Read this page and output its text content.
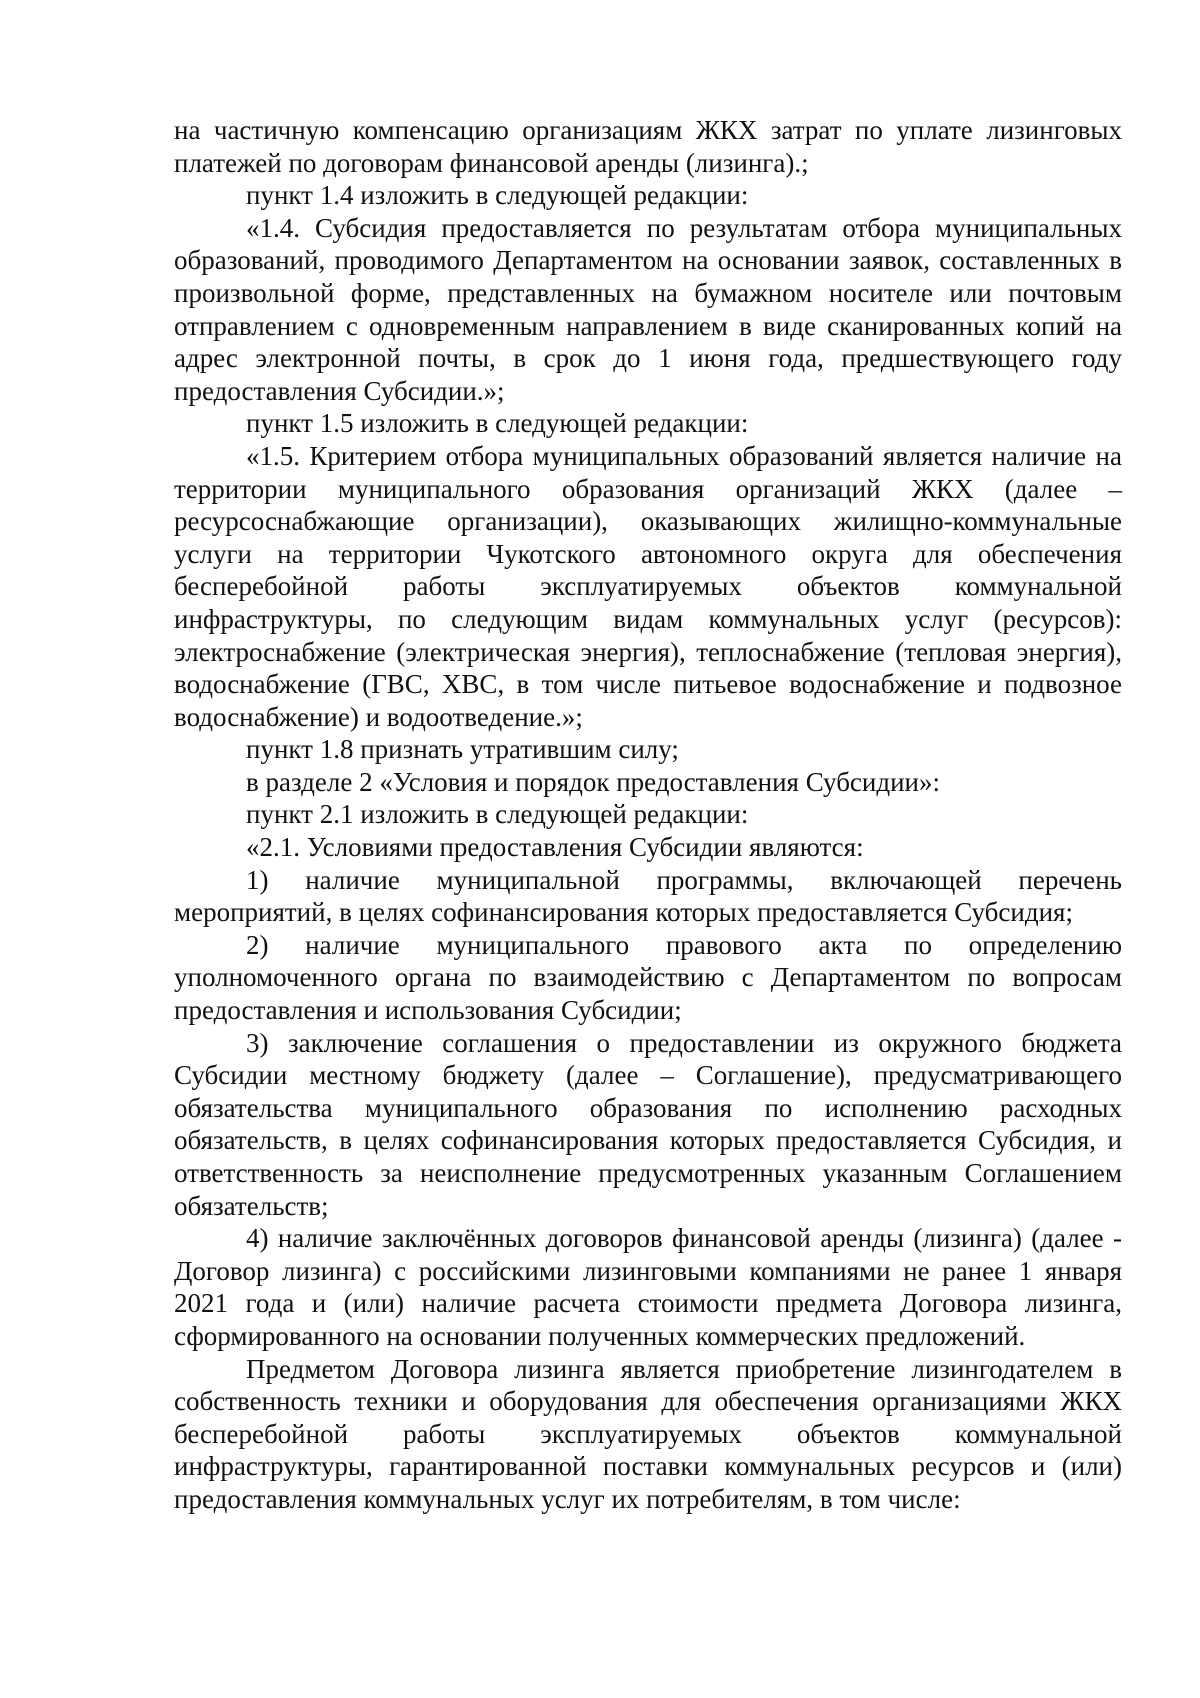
на частичную компенсацию организациям ЖКХ затрат по уплате лизинговых платежей по договорам финансовой аренды (лизинга).;

пункт 1.4 изложить в следующей редакции:

«1.4. Субсидия предоставляется по результатам отбора муниципальных образований, проводимого Департаментом на основании заявок, составленных в произвольной форме, представленных на бумажном носителе или почтовым отправлением с одновременным направлением в виде сканированных копий на адрес электронной почты, в срок до 1 июня года, предшествующего году предоставления Субсидии.»;

пункт 1.5 изложить в следующей редакции:

«1.5. Критерием отбора муниципальных образований является наличие на территории муниципального образования организаций ЖКХ (далее – ресурсоснабжающие организации), оказывающих жилищно-коммунальные услуги на территории Чукотского автономного округа для обеспечения бесперебойной работы эксплуатируемых объектов коммунальной инфраструктуры, по следующим видам коммунальных услуг (ресурсов): электроснабжение (электрическая энергия), теплоснабжение (тепловая энергия), водоснабжение (ГВС, ХВС, в том числе питьевое водоснабжение и подвозное водоснабжение) и водоотведение.»;

пункт 1.8 признать утратившим силу;

в разделе 2 «Условия и порядок предоставления Субсидии»:

пункт 2.1 изложить в следующей редакции:

«2.1. Условиями предоставления Субсидии являются:

1) наличие муниципальной программы, включающей перечень мероприятий, в целях софинансирования которых предоставляется Субсидия;

2) наличие муниципального правового акта по определению уполномоченного органа по взаимодействию с Департаментом по вопросам предоставления и использования Субсидии;

3) заключение соглашения о предоставлении из окружного бюджета Субсидии местному бюджету (далее – Соглашение), предусматривающего обязательства муниципального образования по исполнению расходных обязательств, в целях софинансирования которых предоставляется Субсидия, и ответственность за неисполнение предусмотренных указанным Соглашением обязательств;

4) наличие заключённых договоров финансовой аренды (лизинга) (далее - Договор лизинга) с российскими лизинговыми компаниями не ранее 1 января 2021 года и (или) наличие расчета стоимости предмета Договора лизинга, сформированного на основании полученных коммерческих предложений.

Предметом Договора лизинга является приобретение лизингодателем в собственность техники и оборудования для обеспечения организациями ЖКХ бесперебойной работы эксплуатируемых объектов коммунальной инфраструктуры, гарантированной поставки коммунальных ресурсов и (или) предоставления коммунальных услуг их потребителям, в том числе:
